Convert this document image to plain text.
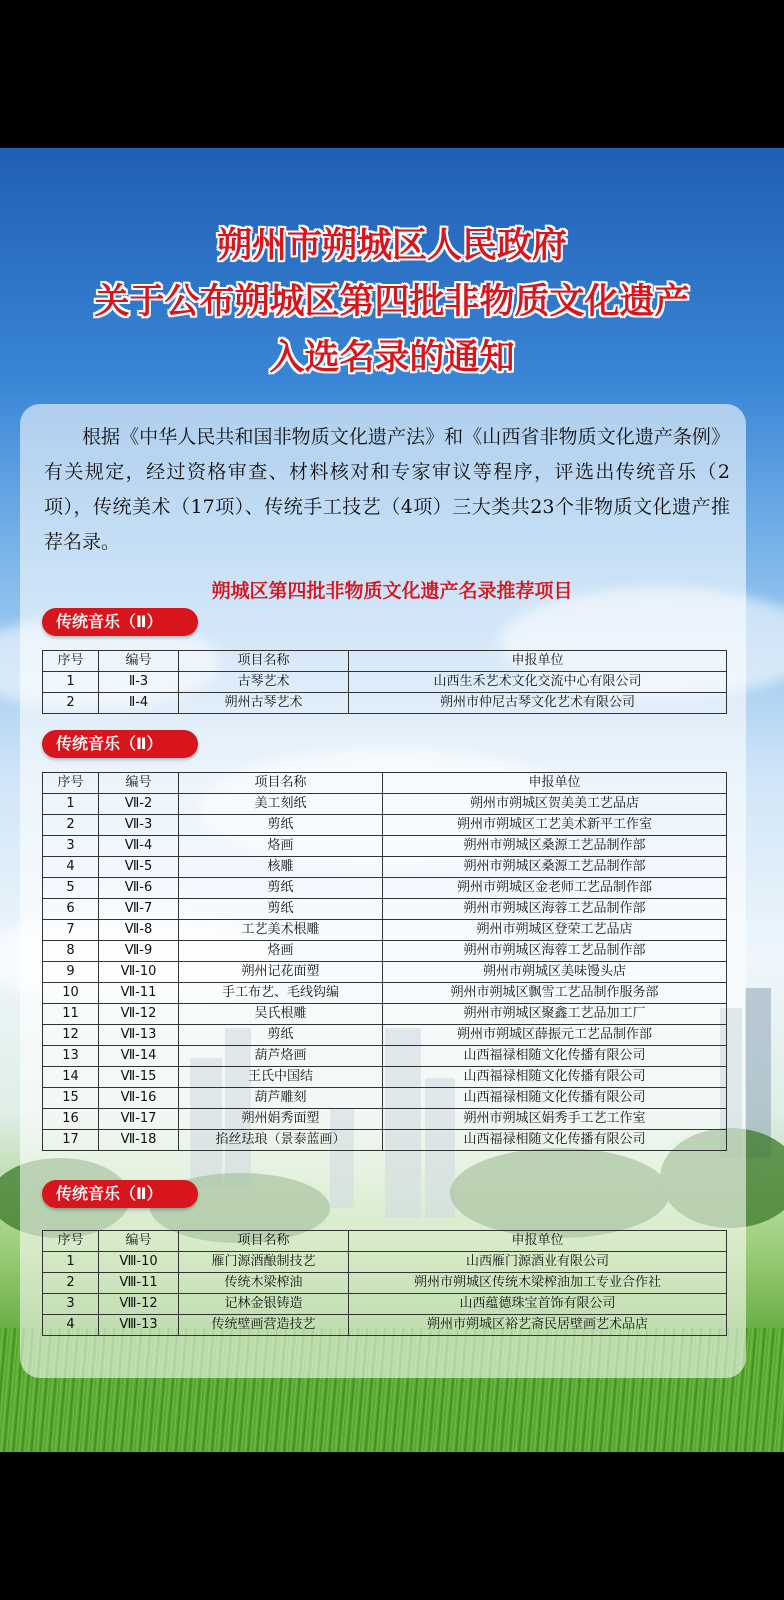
朔州市朔城区人民政府
关于公布朔城区第四批非物质文化遗产
入选名录的通知

根据《中华人民共和国非物质文化遗产法》和《山西省非物质文化遗产条例》有关规定，经过资格审查、材料核对和专家审议等程序，评选出传统音乐（2项），传统美术（17项）、传统手工技艺（4项）三大类共23个非物质文化遗产推荐名录。

朔城区第四批非物质文化遗产名录推荐项目
传统音乐（Ⅱ）
序号	编号	项目名称	申报单位
1	Ⅱ-3	古琴艺术	山西生禾艺术文化交流中心有限公司
2	Ⅱ-4	朔州古琴艺术	朔州市仲尼古琴文化艺术有限公司
传统音乐（Ⅱ）
序号	编号	项目名称	申报单位
1	Ⅶ-2	美工刻纸	朔州市朔城区贺美美工艺品店
2	Ⅶ-3	剪纸	朔州市朔城区工艺美术新平工作室
3	Ⅶ-4	烙画	朔州市朔城区桑源工艺品制作部
4	Ⅶ-5	核雕	朔州市朔城区桑源工艺品制作部
5	Ⅶ-6	剪纸	朔州市朔城区金老师工艺品制作部
6	Ⅶ-7	剪纸	朔州市朔城区海蓉工艺品制作部
7	Ⅶ-8	工艺美术根雕	朔州市朔城区登荣工艺品店
8	Ⅶ-9	烙画	朔州市朔城区海蓉工艺品制作部
9	Ⅶ-10	朔州记花面塑	朔州市朔城区美味馒头店
10	Ⅶ-11	手工布艺、毛线钩编	朔州市朔城区飘雪工艺品制作服务部
11	Ⅶ-12	吴氏根雕	朔州市朔城区聚鑫工艺品加工厂
12	Ⅶ-13	剪纸	朔州市朔城区薛振元工艺品制作部
13	Ⅶ-14	葫芦烙画	山西福禄相随文化传播有限公司
14	Ⅶ-15	王氏中国结	山西福禄相随文化传播有限公司
15	Ⅶ-16	葫芦雕刻	山西福禄相随文化传播有限公司
16	Ⅶ-17	朔州娟秀面塑	朔州市朔城区娟秀手工艺工作室
17	Ⅶ-18	掐丝珐琅（景泰蓝画）	山西福禄相随文化传播有限公司
传统音乐（Ⅱ）
序号	编号	项目名称	申报单位
1	Ⅷ-10	雁门源酒酿制技艺	山西雁门源酒业有限公司
2	Ⅷ-11	传统木梁榨油	朔州市朔城区传统木梁榨油加工专业合作社
3	Ⅷ-12	记林金银铸造	山西蕴德珠宝首饰有限公司
4	Ⅷ-13	传统壁画营造技艺	朔州市朔城区裕艺斋民居壁画艺术品店
